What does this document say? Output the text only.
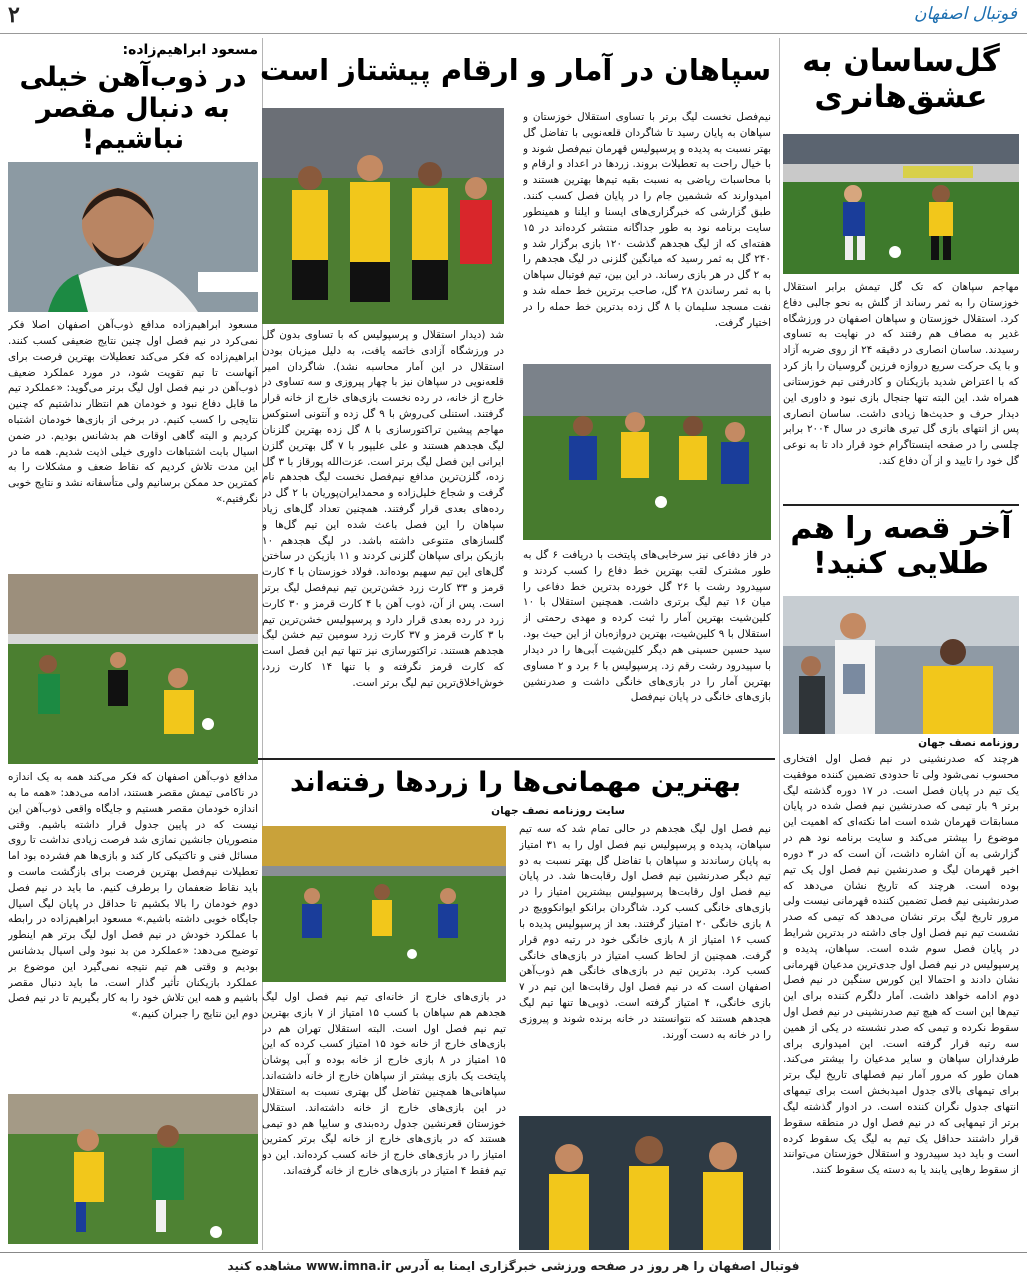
۲	فوتبال اصفهان
گل‌ساسان به عشق‌هانری
مهاجم سپاهان که تک گل تیمش برابر استقلال خوزستان را به ثمر رساند از گلش به نحو جالبی دفاع کرد. استقلال خوزستان و سپاهان اصفهان در ورزشگاه غدیر به مصاف هم رفتند که در نهایت به تساوی رسیدند. ساسان انصاری در دقیقه ۲۴ از روی ضربه آزاد و با یک حرکت سریع دروازه فرزین گروسیان را باز کرد که با اعتراض شدید بازیکنان و کادرفنی تیم خوزستانی همراه شد. این البته تنها جنجال بازی نبود و داوری این دیدار حرف و حدیث‌ها زیادی داشت. ساسان انصاری پس از انتهای بازی گل تیری هانری در سال ۲۰۰۴ برابر چلسی را در صفحه اینستاگرام خود قرار داد تا به نوعی گل خود را تایید و از آن دفاع کند.
آخر قصه را هم طلایی کنید!
روزنامه نصف جهان
هرچند که صدرنشینی در نیم فصل اول افتخاری محسوب نمی‌شود ولی تا حدودی تضمین کننده موفقیت یک تیم در پایان فصل است. در ۱۷ دوره گذشته لیگ برتر ۹ بار تیمی که صدرنشین نیم فصل شده در پایان مسابقات قهرمان شده است اما نکته‌ای که اهمیت این موضوع را بیشتر می‌کند و سایت برنامه نود هم در گزارشی به آن اشاره داشت، آن است که در ۳ دوره اخیر قهرمان لیگ و صدرنشین نیم فصل اول یک تیم بوده است. هرچند که تاریخ نشان می‌دهد که صدرنشینی نیم فصل تضمین کننده قهرمانی نیست ولی مرور تاریخ لیگ برتر نشان می‌دهد که تیمی که صدر نشست تیم نیم فصل اول جای داشته در بدترین شرایط در پایان فصل سوم شده است. سپاهان، پدیده و پرسپولیس در نیم فصل اول جدی‌ترین مدعیان قهرمانی نشان دادند و احتمالا این کورس سنگین در نیم فصل دوم ادامه خواهد داشت. آمار دلگرم کننده برای این تیم‌ها این است که هیچ تیم صدرنشینی در نیم فصل اول سقوط نکرده و تیمی که صدر نشسته در یکی از همین سه رتبه قرار گرفته است. این امیدواری برای طرفداران سپاهان و سایر مدعیان را بیشتر می‌کند. همان طور که مرور آمار نیم فصلهای تاریخ لیگ برتر برای تیمهای بالای جدول امیدبخش است برای تیمهای انتهای جدول نگران کننده است. در ادوار گذشته لیگ برتر از تیمهایی که در نیم فصل اول در منطقه سقوط قرار داشتند حداقل یک تیم به لیگ یک سقوط کرده است و باید دید سپیدرود و استقلال خوزستان می‌توانند از سقوط رهایی یابند یا به دسته یک سقوط کنند.
سپاهان در آمار و ارقام پیشتاز است
نیم‌فصل نخست لیگ برتر با تساوی استقلال خوزستان و سپاهان به پایان رسید تا شاگردان قلعه‌نویی با تفاضل گل بهتر نسبت به پدیده و پرسپولیس قهرمان نیم‌فصل شوند و با خیال راحت به تعطیلات بروند. زردها در اعداد و ارقام و با محاسبات ریاضی به نسبت بقیه تیم‌ها بهترین هستند و امیدوارند که ششمین جام را در پایان فصل کسب کنند. طبق گزارشی که خبرگزاری‌های ایسنا و ایلنا و همینطور سایت برنامه نود به طور جداگانه منتشر کرده‌اند در ۱۵ هفته‌ای که از لیگ هجدهم گذشت ۱۲۰ بازی برگزار شد و ۲۴۰ گل به ثمر رسید که میانگین گلزنی در لیگ هجدهم را به ۲ گل در هر بازی رساند. در این بین، تیم فوتبال سپاهان با به ثمر رساندن ۲۸ گل، صاحب برترین خط حمله شد و نفت مسجد سلیمان با ۸ گل زده بدترین خط حمله را در اختیار گرفت.
شد (دیدار استقلال و پرسپولیس که با تساوی بدون گل در ورزشگاه آزادی خاتمه یافت، به دلیل میزبان بودن استقلال در این آمار محاسبه نشد). شاگردان امیر قلعه‌نویی در سپاهان نیز با چهار پیروزی و سه تساوی در خارج از خانه، در رده نخست بازی‌های خارج از خانه قرار گرفتند. استنلی کی‌روش با ۹ گل زده و آنتونی استوکس مهاجم پیشین تراکتورسازی با ۸ گل زده بهترین گلزنان لیگ هجدهم هستند و علی علیپور با ۷ گل بهترین گلزن ایرانی این فصل لیگ برتر است. عزت‌الله پورقاز با ۳ گل زده، گلزن‌ترین مدافع نیم‌فصل نخست لیگ هجدهم نام گرفت و شجاع خلیل‌زاده و محمدایران‌پوریان با ۲ گل در رده‌های بعدی قرار گرفتند. همچنین تعداد گل‌های زیاد سپاهان را این فصل باعث شده این تیم گل‌ها و گلسازهای متنوعی داشته باشد. در لیگ هجدهم ۱۰ بازیکن برای سپاهان گلزنی کردند و ۱۱ بازیکن در ساختن گل‌های این تیم سهیم بوده‌اند. فولاد خوزستان با ۴ کارت قرمز و ۳۳ کارت زرد خشن‌ترین تیم نیم‌فصل لیگ برتر است. پس از آن، ذوب آهن با ۴ کارت قرمز و ۳۰ کارت زرد در رده بعدی قرار دارد و پرسپولیس خشن‌ترین تیم با ۳ کارت قرمز و ۳۷ کارت زرد سومین تیم خشن لیگ هجدهم هستند. تراکتورسازی نیز تنها تیم این فصل است که کارت قرمز نگرفته و با تنها ۱۴ کارت زرد، خوش‌اخلاق‌ترین تیم لیگ برتر است.
در فاز دفاعی نیز سرخابی‌های پایتخت با دریافت ۶ گل به طور مشترک لقب بهترین خط دفاع را کسب کردند و سپیدرود رشت با ۲۶ گل خورده بدترین خط دفاعی را میان ۱۶ تیم لیگ برتری داشت. همچنین استقلال با ۱۰ کلین‌شیت بهترین آمار را ثبت کرده و مهدی رحمتی از استقلال با ۹ کلین‌شیت، بهترین دروازه‌بان از این حیث بود. سید حسین حسینی هم دیگر کلین‌شیت آبی‌ها را در دیدار با سپیدرود رشت رقم زد. پرسپولیس با ۶ برد و ۲ مساوی بهترین آمار را در بازی‌های خانگی داشت و صدرنشین بازی‌های خانگی در پایان نیم‌فصل
بهترین مهمانی‌ها را زردها رفته‌اند
سایت روزنامه نصف جهان
نیم فصل اول لیگ هجدهم در حالی تمام شد که سه تیم سپاهان، پدیده و پرسپولیس نیم فصل اول را به ۳۱ امتیاز به پایان رساندند و سپاهان با تفاضل گل بهتر نسبت به دو تیم دیگر صدرنشین نیم فصل اول رقابت‌ها شد. در پایان نیم فصل اول رقابت‌ها پرسپولیس بیشترین امتیاز را در بازی‌های خانگی کسب کرد. شاگردان برانکو ایوانکوویچ در ۸ بازی خانگی ۲۰ امتیاز گرفتند. بعد از پرسپولیس پدیده با کسب ۱۶ امتیاز از ۸ بازی خانگی خود در رتبه دوم قرار گرفت. همچنین از لحاظ کسب امتیاز در بازی‌های خانگی کسب کرد. بدترین تیم در بازی‌های خانگی هم ذوب‌آهن اصفهان است که در نیم فصل اول رقابت‌ها این تیم در ۷ بازی خانگی، ۴ امتیاز گرفته است. ذوبی‌ها تنها تیم لیگ هجدهم هستند که نتوانستند در خانه برنده شوند و پیروزی را در خانه به دست آورند.
در بازی‌های خارج از خانه‌ای تیم نیم فصل اول لیگ هجدهم هم سپاهان با کسب ۱۵ امتیاز از ۷ بازی بهترین تیم نیم فصل اول است. البته استقلال تهران هم در بازی‌های خارج از خانه خود ۱۵ امتیاز کسب کرده که این ۱۵ امتیاز در ۸ بازی خارج از خانه بوده و آبی پوشان پایتخت یک بازی بیشتر از سپاهان خارج از خانه داشته‌اند. سپاهانی‌ها همچنین تفاضل گل بهتری نسبت به استقلال در این بازی‌های خارج از خانه داشته‌اند. استقلال خوزستان قعرنشین جدول رده‌بندی و سایپا هم دو تیمی هستند که در بازی‌های خارج از خانه لیگ برتر کمترین امتیاز را در بازی‌های خارج از خانه کسب کرده‌اند. این دو تیم فقط ۴ امتیاز در بازی‌های خارج از خانه گرفته‌اند.
مسعود ابراهیم‌زاده:
در ذوب‌آهن خیلی به دنبال مقصر نباشیم!
مسعود ابراهیم‌زاده مدافع ذوب‌آهن اصفهان اصلا فکر نمی‌کرد در نیم فصل اول چنین نتایج ضعیفی کسب کنند. ابراهیم‌زاده که فکر می‌کند تعطیلات بهترین فرصت برای آنهاست تا تیم تقویت شود، در مورد عملکرد ضعیف ذوب‌آهن در نیم فصل اول لیگ برتر می‌گوید: «عملکرد تیم ما قابل دفاع نبود و خودمان هم انتظار نداشتیم که چنین نتایجی را کسب کنیم. در برخی از بازی‌ها خودمان اشتباه کردیم و البته گاهی اوقات هم بدشانس بودیم. در ضمن اسیال بابت اشتباهات داوری خیلی اذیت شدیم. همه ما در این مدت تلاش کردیم که نقاط ضعف و مشکلات را به کمترین حد ممکن برسانیم ولی متأسفانه نشد و نتایج خوبی نگرفتیم.»
مدافع ذوب‌آهن اصفهان که فکر می‌کند همه به یک اندازه در ناکامی تیمش مقصر هستند، ادامه می‌دهد: «همه ما به اندازه خودمان مقصر هستیم و جایگاه واقعی ذوب‌آهن این نیست که در پایین جدول قرار داشته باشیم. وقتی منصوریان جانشین نمازی شد فرصت زیادی نداشت تا روی مسائل فنی و تاکتیکی کار کند و بازی‌ها هم فشرده بود اما تعطیلات نیم‌فصل بهترین فرصت برای بازگشت ماست و باید نقاط ضعفمان را برطرف کنیم. ما باید در نیم فصل دوم خودمان را بالا بکشیم تا حداقل در پایان لیگ اسیال جایگاه خوبی داشته باشیم.» مسعود ابراهیم‌زاده در رابطه با عملکرد خودش در نیم فصل اول لیگ برتر هم اینطور توضیح می‌دهد: «عملکرد من بد نبود ولی اسیال بدشانس بودیم و وقتی هم تیم نتیجه نمی‌گیرد این موضوع بر عملکرد بازیکنان تأثیر گذار است. ما باید دنبال مقصر باشیم و همه این تلاش خود را به کار بگیریم تا در نیم فصل دوم این نتایج را جبران کنیم.»
فوتبال اصفهان را هر روز در صفحه ورزشی خبرگزاری ایمنا به آدرس www.imna.ir مشاهده کنید
